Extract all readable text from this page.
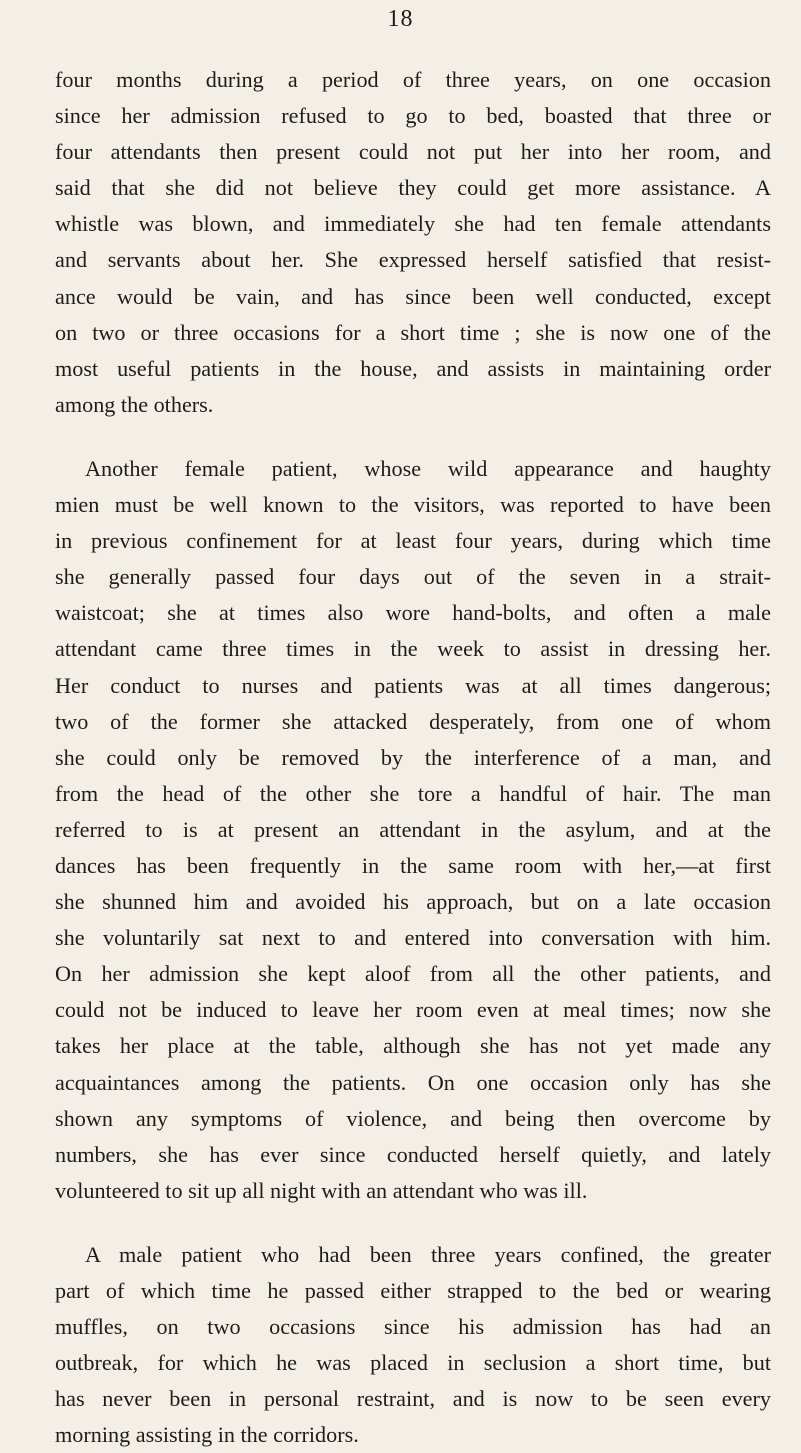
18
four months during a period of three years, on one occasion
since her admission refused to go to bed, boasted that three or
four attendants then present could not put her into her room, and
said that she did not believe they could get more assistance. A
whistle was blown, and immediately she had ten female attendants
and servants about her. She expressed herself satisfied that resist-
ance would be vain, and has since been well conducted, except
on two or three occasions for a short time ; she is now one of the
most useful patients in the house, and assists in maintaining order
among the others.
Another female patient, whose wild appearance and haughty
mien must be well known to the visitors, was reported to have been
in previous confinement for at least four years, during which time
she generally passed four days out of the seven in a strait-
waistcoat; she at times also wore hand-bolts, and often a male
attendant came three times in the week to assist in dressing her.
Her conduct to nurses and patients was at all times dangerous;
two of the former she attacked desperately, from one of whom
she could only be removed by the interference of a man, and
from the head of the other she tore a handful of hair. The man
referred to is at present an attendant in the asylum, and at the
dances has been frequently in the same room with her,—at first
she shunned him and avoided his approach, but on a late occasion
she voluntarily sat next to and entered into conversation with him.
On her admission she kept aloof from all the other patients, and
could not be induced to leave her room even at meal times; now she
takes her place at the table, although she has not yet made any
acquaintances among the patients. On one occasion only has she
shown any symptoms of violence, and being then overcome by
numbers, she has ever since conducted herself quietly, and lately
volunteered to sit up all night with an attendant who was ill.
A male patient who had been three years confined, the greater
part of which time he passed either strapped to the bed or wearing
muffles, on two occasions since his admission has had an
outbreak, for which he was placed in seclusion a short time, but
has never been in personal restraint, and is now to be seen every
morning assisting in the corridors.
